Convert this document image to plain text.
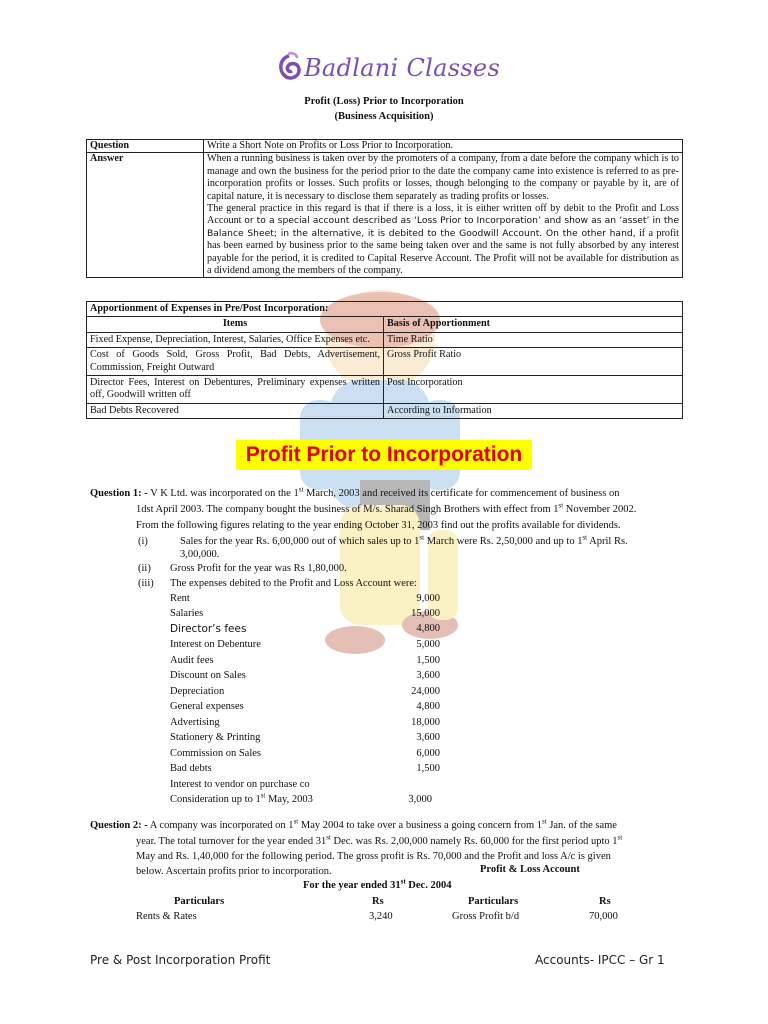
Badlani Classes
Profit (Loss) Prior to Incorporation
(Business Acquisition)
Question	Write a Short Note on Profits or Loss Prior to Incorporation.
Answer	When a running business is taken over by the promoters of a company, from a date before the company which is to manage and own the business for the period prior to the date the company came into existence is referred to as pre-incorporation profits or losses. Such profits or losses, though belonging to the company or payable by it, are of capital nature, it is necessary to disclose them separately as trading profits or losses.
The general practice in this regard is that if there is a loss, it is either written off by debit to the Profit and Loss Account or to a special account described as ‘Loss Prior to Incorporation’ and show as an ‘asset’ in the Balance Sheet; in the alternative, it is debited to the Goodwill Account. On the other hand, if a profit has been earned by business prior to the same being taken over and the same is not fully absorbed by any interest payable for the period, it is credited to Capital Reserve Account. The Profit will not be available for distribution as a dividend among the members of the company.
Apportionment of Expenses in Pre/Post Incorporation:	
Items	Basis of Apportionment
Fixed Expense, Depreciation, Interest, Salaries, Office Expenses etc.	Time Ratio
Cost of Goods Sold, Gross Profit, Bad Debts, Advertisement, Commission, Freight Outward	Gross Profit Ratio
Director Fees, Interest on Debentures, Preliminary expenses written off, Goodwill written off	Post Incorporation
Bad Debts Recovered	According to Information
Profit Prior to Incorporation
Question 1: - V K Ltd. was incorporated on the 1st March, 2003 and received its certificate for commencement of business on
1dst April 2003. The company bought the business of M/s. Sharad Singh Brothers with effect from 1st November 2002.
From the following figures relating to the year ending October 31, 2003 find out the profits available for dividends.
(i)	Sales for the year Rs. 6,00,000 out of which sales up to 1st March were Rs. 2,50,000 and up to 1st April Rs.
3,00,000.
(ii) Gross Profit for the year was Rs 1,80,000.
(iii) The expenses debited to the Profit and Loss Account were:
Rent	9,000
Salaries	15,000
Director’s fees	4,800
Interest on Debenture	5,000
Audit fees	1,500
Discount on Sales	3,600
Depreciation	24,000
General expenses	4,800
Advertising	18,000
Stationery & Printing	3,600
Commission on Sales	6,000
Bad debts	1,500
Interest to vendor on purchase co
Consideration up to 1st May, 2003	3,000
Question 2: - A company was incorporated on 1st May 2004 to take over a business a going concern from 1st Jan. of the same
year. The total turnover for the year ended 31st Dec. was Rs. 2,00,000 namely Rs. 60,000 for the first period upto 1st
May and Rs. 1,40,000 for the following period. The gross profit is Rs. 70,000 and the Profit and loss A/c is given
below. Ascertain profits prior to incorporation.	Profit & Loss Account
For the year ended 31st Dec. 2004
Particulars	Rs	Particulars	Rs
Rents & Rates	3,240	Gross Profit b/d	70,000
Pre & Post Incorporation Profit	Accounts- IPCC – Gr 1
